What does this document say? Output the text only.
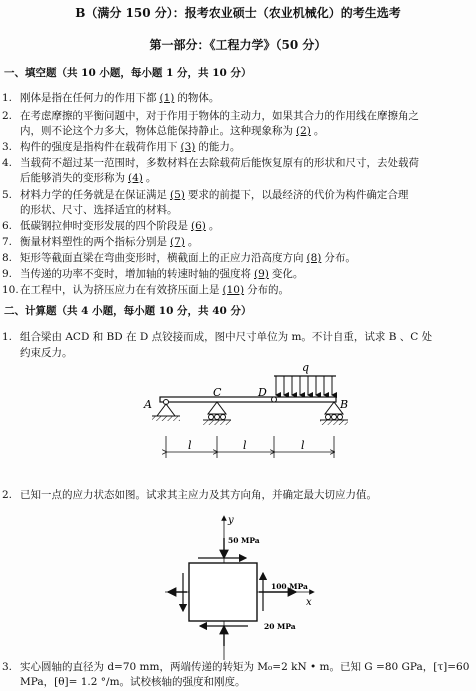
B（满分 150 分）：报考农业硕士（农业机械化）的考生选考
第一部分：《工程力学》（50 分）
一、填空题（共 10 小题，每小题 1 分，共 10 分）
1. 刚体是指在任何力的作用下都 (1) 的物体。
2. 在考虑摩擦的平衡问题中，对于作用于物体的主动力，如果其合力的作用线在摩擦角之
内，则不论这个力多大，物体总能保持静止。这种现象称为 (2) 。
3. 构件的强度是指构件在载荷作用下 (3) 的能力。
4. 当载荷不超过某一范围时，多数材料在去除载荷后能恢复原有的形状和尺寸，去处载荷
后能够消失的变形称为 (4) 。
5. 材料力学的任务就是在保证满足 (5) 要求的前提下，以最经济的代价为构件确定合理
的形状、尺寸、选择适宜的材料。
6. 低碳钢拉伸时变形发展的四个阶段是 (6) 。
7. 衡量材料塑性的两个指标分别是 (7) 。
8. 矩形等截面直梁在弯曲变形时，横截面上的正应力沿高度方向 (8) 分布。
9. 当传递的功率不变时，增加轴的转速时轴的强度将 (9) 变化。
10.在工程中，认为挤压应力在有效挤压面上是 (10) 分布的。
二、计算题（共 4 小题，每小题 10 分，共 40 分）
1. 组合梁由 ACD 和 BD 在 D 点铰接而成，图中尺寸单位为 m。不计自重，试求 B 、C 处
约束反力。
q
A
C	D
B
l	l	l
2. 已知一点的应力状态如图。试求其主应力及其方向角，并确定最大切应力值。
y
x
50 MPa
100 MPa
20 MPa
3. 实心圆轴的直径为 d=70 mm，两端传递的转矩为 M₀=2 kN • m。已知 G =80 GPa，[τ]=60
MPa，[θ]= 1.2 °/m。试校核轴的强度和刚度。
